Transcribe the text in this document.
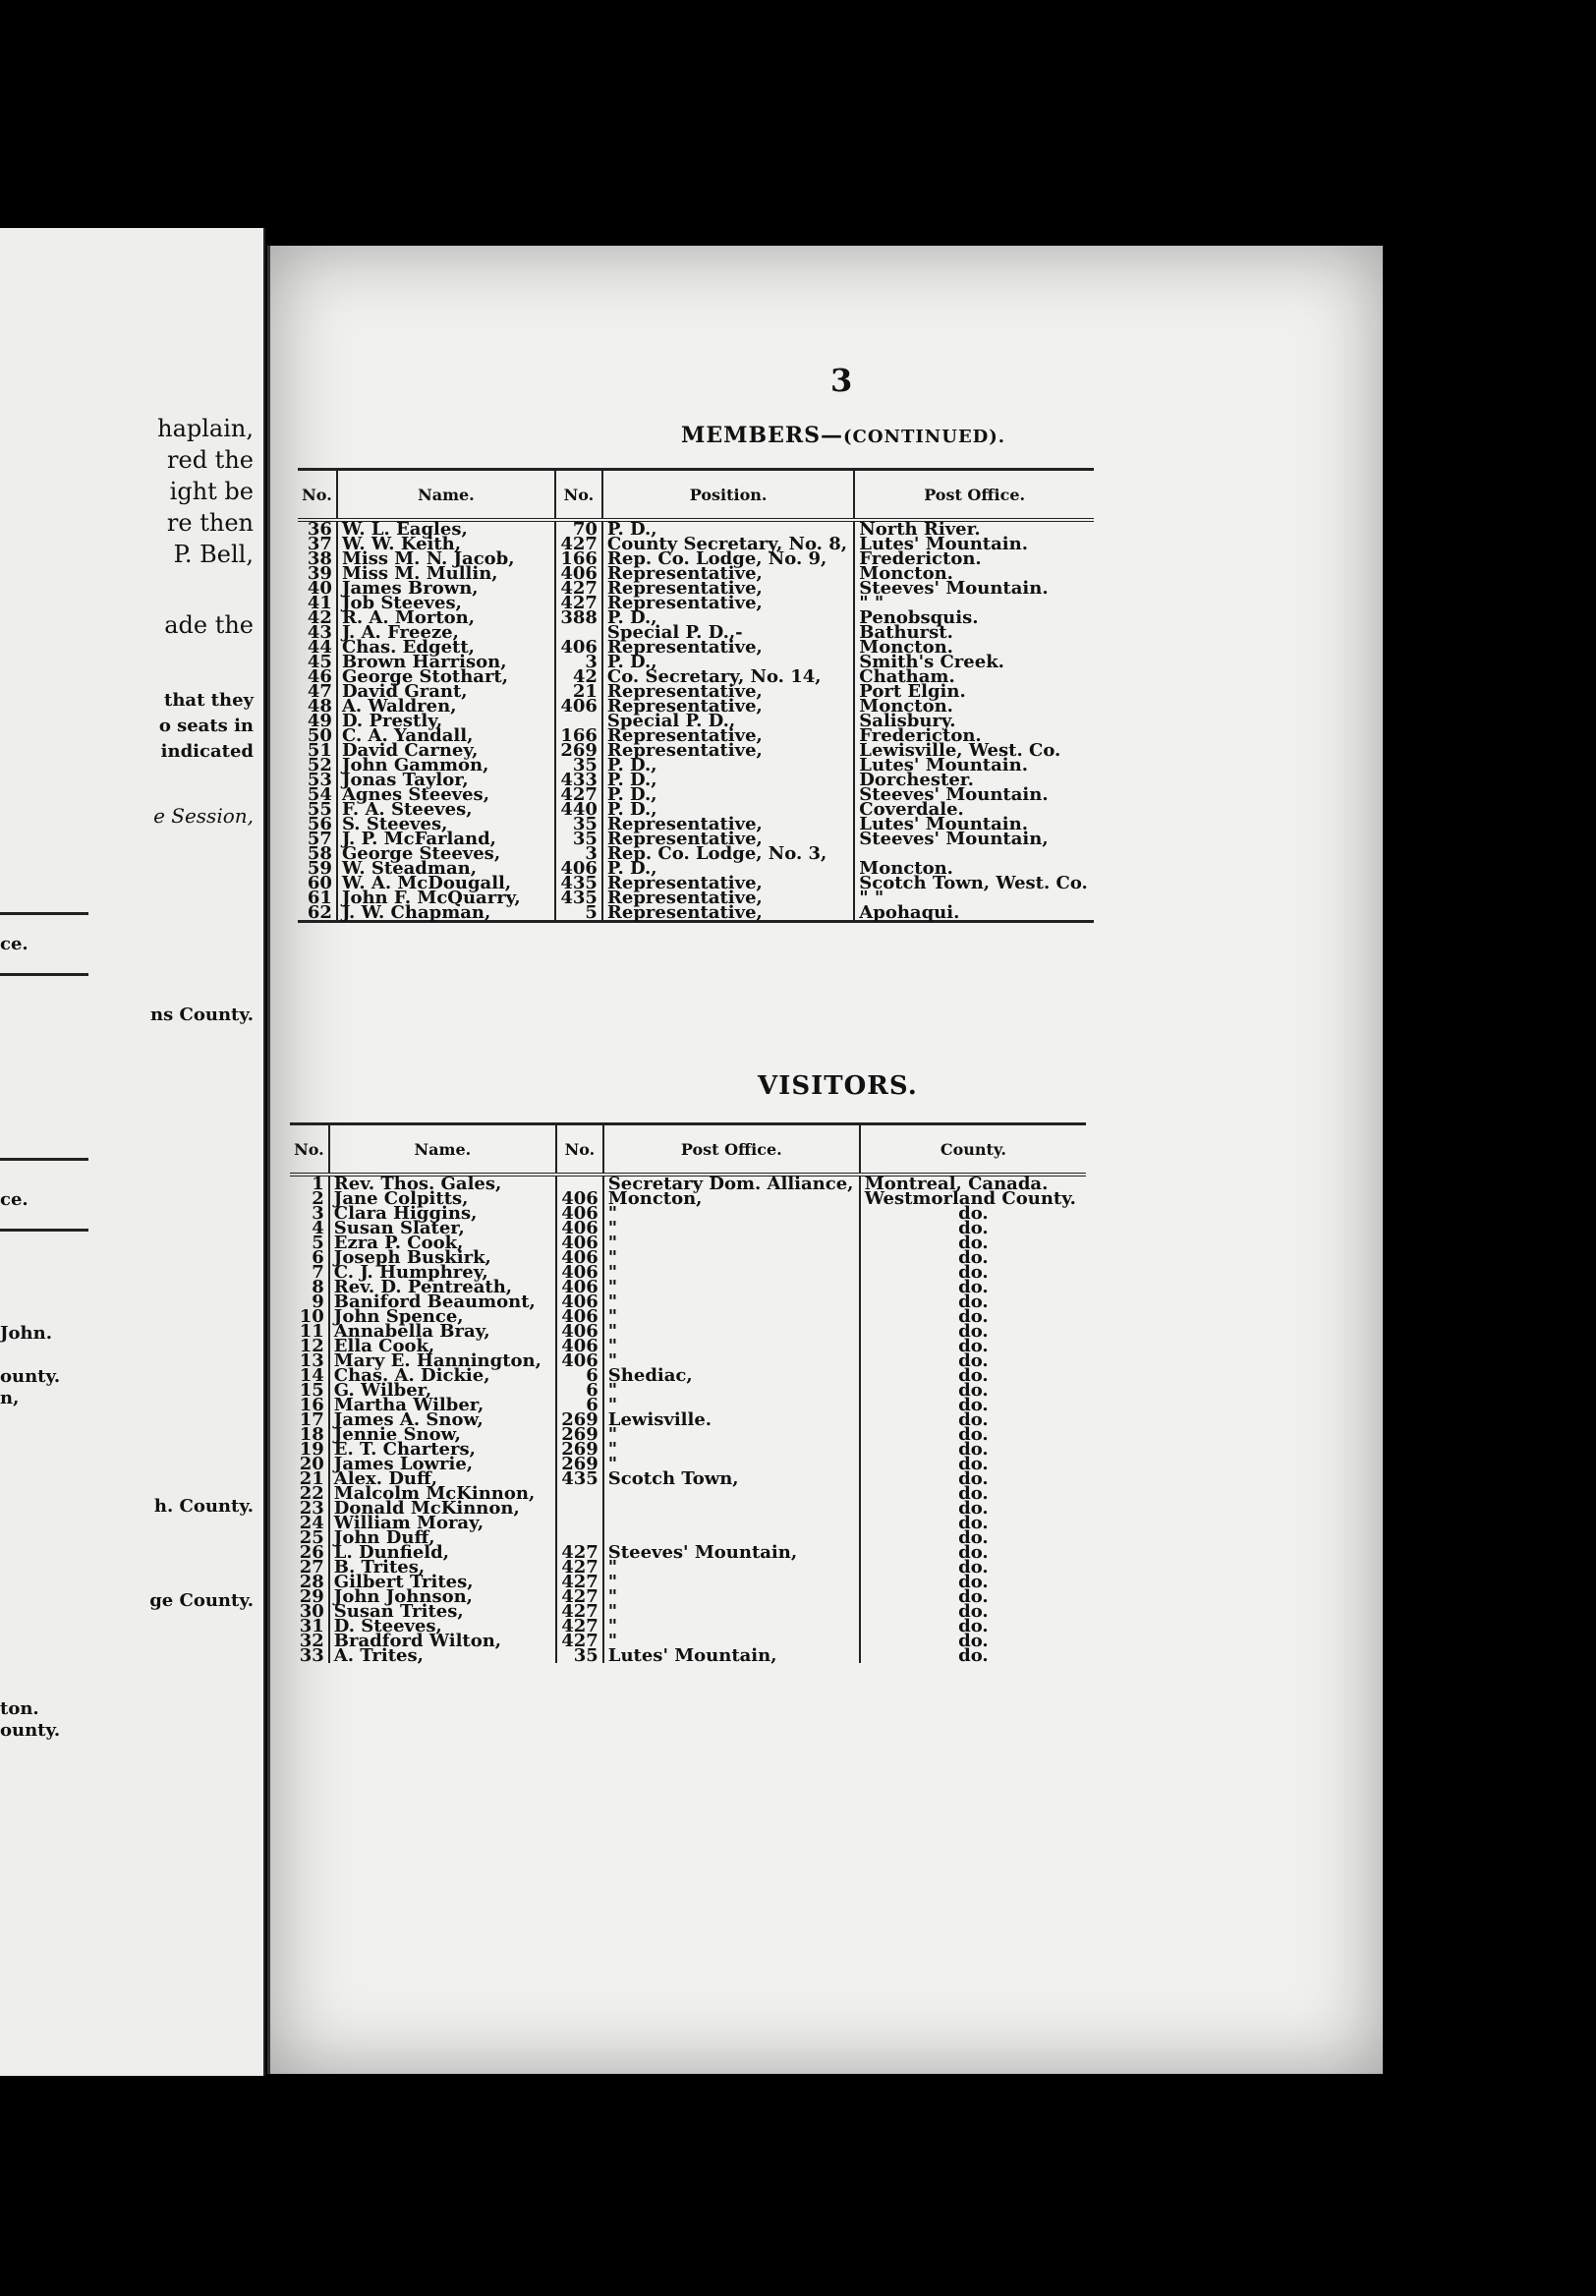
haplain,
red the
ight be
re then
P. Bell,
ade the
that they
o seats in
indicated
e Session,
ce.
ns County.
ce.
John.
ounty.
n,
h. County.
ge County.
ton.
ounty.
3
MEMBERS—(CONTINUED).
No.	Name.	No.	Position.	Post Office.
36	W. L. Eagles,	70	P. D.,	North River.
37	W. W. Keith,	427	County Secretary, No. 8,	Lutes' Mountain.
38	Miss M. N. Jacob,	166	Rep. Co. Lodge, No. 9,	Fredericton.
39	Miss M. Mullin,	406	Representative,	Moncton.
40	James Brown,	427	Representative,	Steeves' Mountain.
41	Job Steeves,	427	Representative,	" "
42	R. A. Morton,	388	P. D.,	Penobsquis.
43	J. A. Freeze,		Special P. D.,-	Bathurst.
44	Chas. Edgett,	406	Representative,	Moncton.
45	Brown Harrison,	3	P. D.,	Smith's Creek.
46	George Stothart,	42	Co. Secretary, No. 14,	Chatham.
47	David Grant,	21	Representative,	Port Elgin.
48	A. Waldren,	406	Representative,	Moncton.
49	D. Prestly,		Special P. D.,	Salisbury.
50	C. A. Yandall,	166	Representative,	Fredericton.
51	David Carney,	269	Representative,	Lewisville, West. Co.
52	John Gammon,	35	P. D.,	Lutes' Mountain.
53	Jonas Taylor,	433	P. D.,	Dorchester.
54	Agnes Steeves,	427	P. D.,	Steeves' Mountain.
55	F. A. Steeves,	440	P. D.,	Coverdale.
56	S. Steeves,	35	Representative,	Lutes' Mountain.
57	J. P. McFarland,	35	Representative,	Steeves' Mountain,
58	George Steeves,	3	Rep. Co. Lodge, No. 3,	
59	W. Steadman,	406	P. D.,	Moncton.
60	W. A. McDougall,	435	Representative,	Scotch Town, West. Co.
61	John F. McQuarry,	435	Representative,	" "
62	J. W. Chapman,	5	Representative,	Apohaqui.
VISITORS.
No.	Name.	No.	Post Office.	County.
1	Rev. Thos. Gales,		Secretary Dom. Alliance,	Montreal, Canada.
2	Jane Colpitts,	406	Moncton,	Westmorland County.
3	Clara Higgins,	406	"	do.
4	Susan Slater,	406	"	do.
5	Ezra P. Cook,	406	"	do.
6	Joseph Buskirk,	406	"	do.
7	C. J. Humphrey,	406	"	do.
8	Rev. D. Pentreath,	406	"	do.
9	Baniford Beaumont,	406	"	do.
10	John Spence,	406	"	do.
11	Annabella Bray,	406	"	do.
12	Ella Cook,	406	"	do.
13	Mary E. Hannington,	406	"	do.
14	Chas. A. Dickie,	6	Shediac,	do.
15	G. Wilber,	6	"	do.
16	Martha Wilber,	6	"	do.
17	James A. Snow,	269	Lewisville.	do.
18	Jennie Snow,	269	"	do.
19	E. T. Charters,	269	"	do.
20	James Lowrie,	269	"	do.
21	Alex. Duff,	435	Scotch Town,	do.
22	Malcolm McKinnon,			do.
23	Donald McKinnon,			do.
24	William Moray,			do.
25	John Duff,			do.
26	L. Dunfield,	427	Steeves' Mountain,	do.
27	B. Trites,	427	"	do.
28	Gilbert Trites,	427	"	do.
29	John Johnson,	427	"	do.
30	Susan Trites,	427	"	do.
31	D. Steeves,	427	"	do.
32	Bradford Wilton,	427	"	do.
33	A. Trites,	35	Lutes' Mountain,	do.
